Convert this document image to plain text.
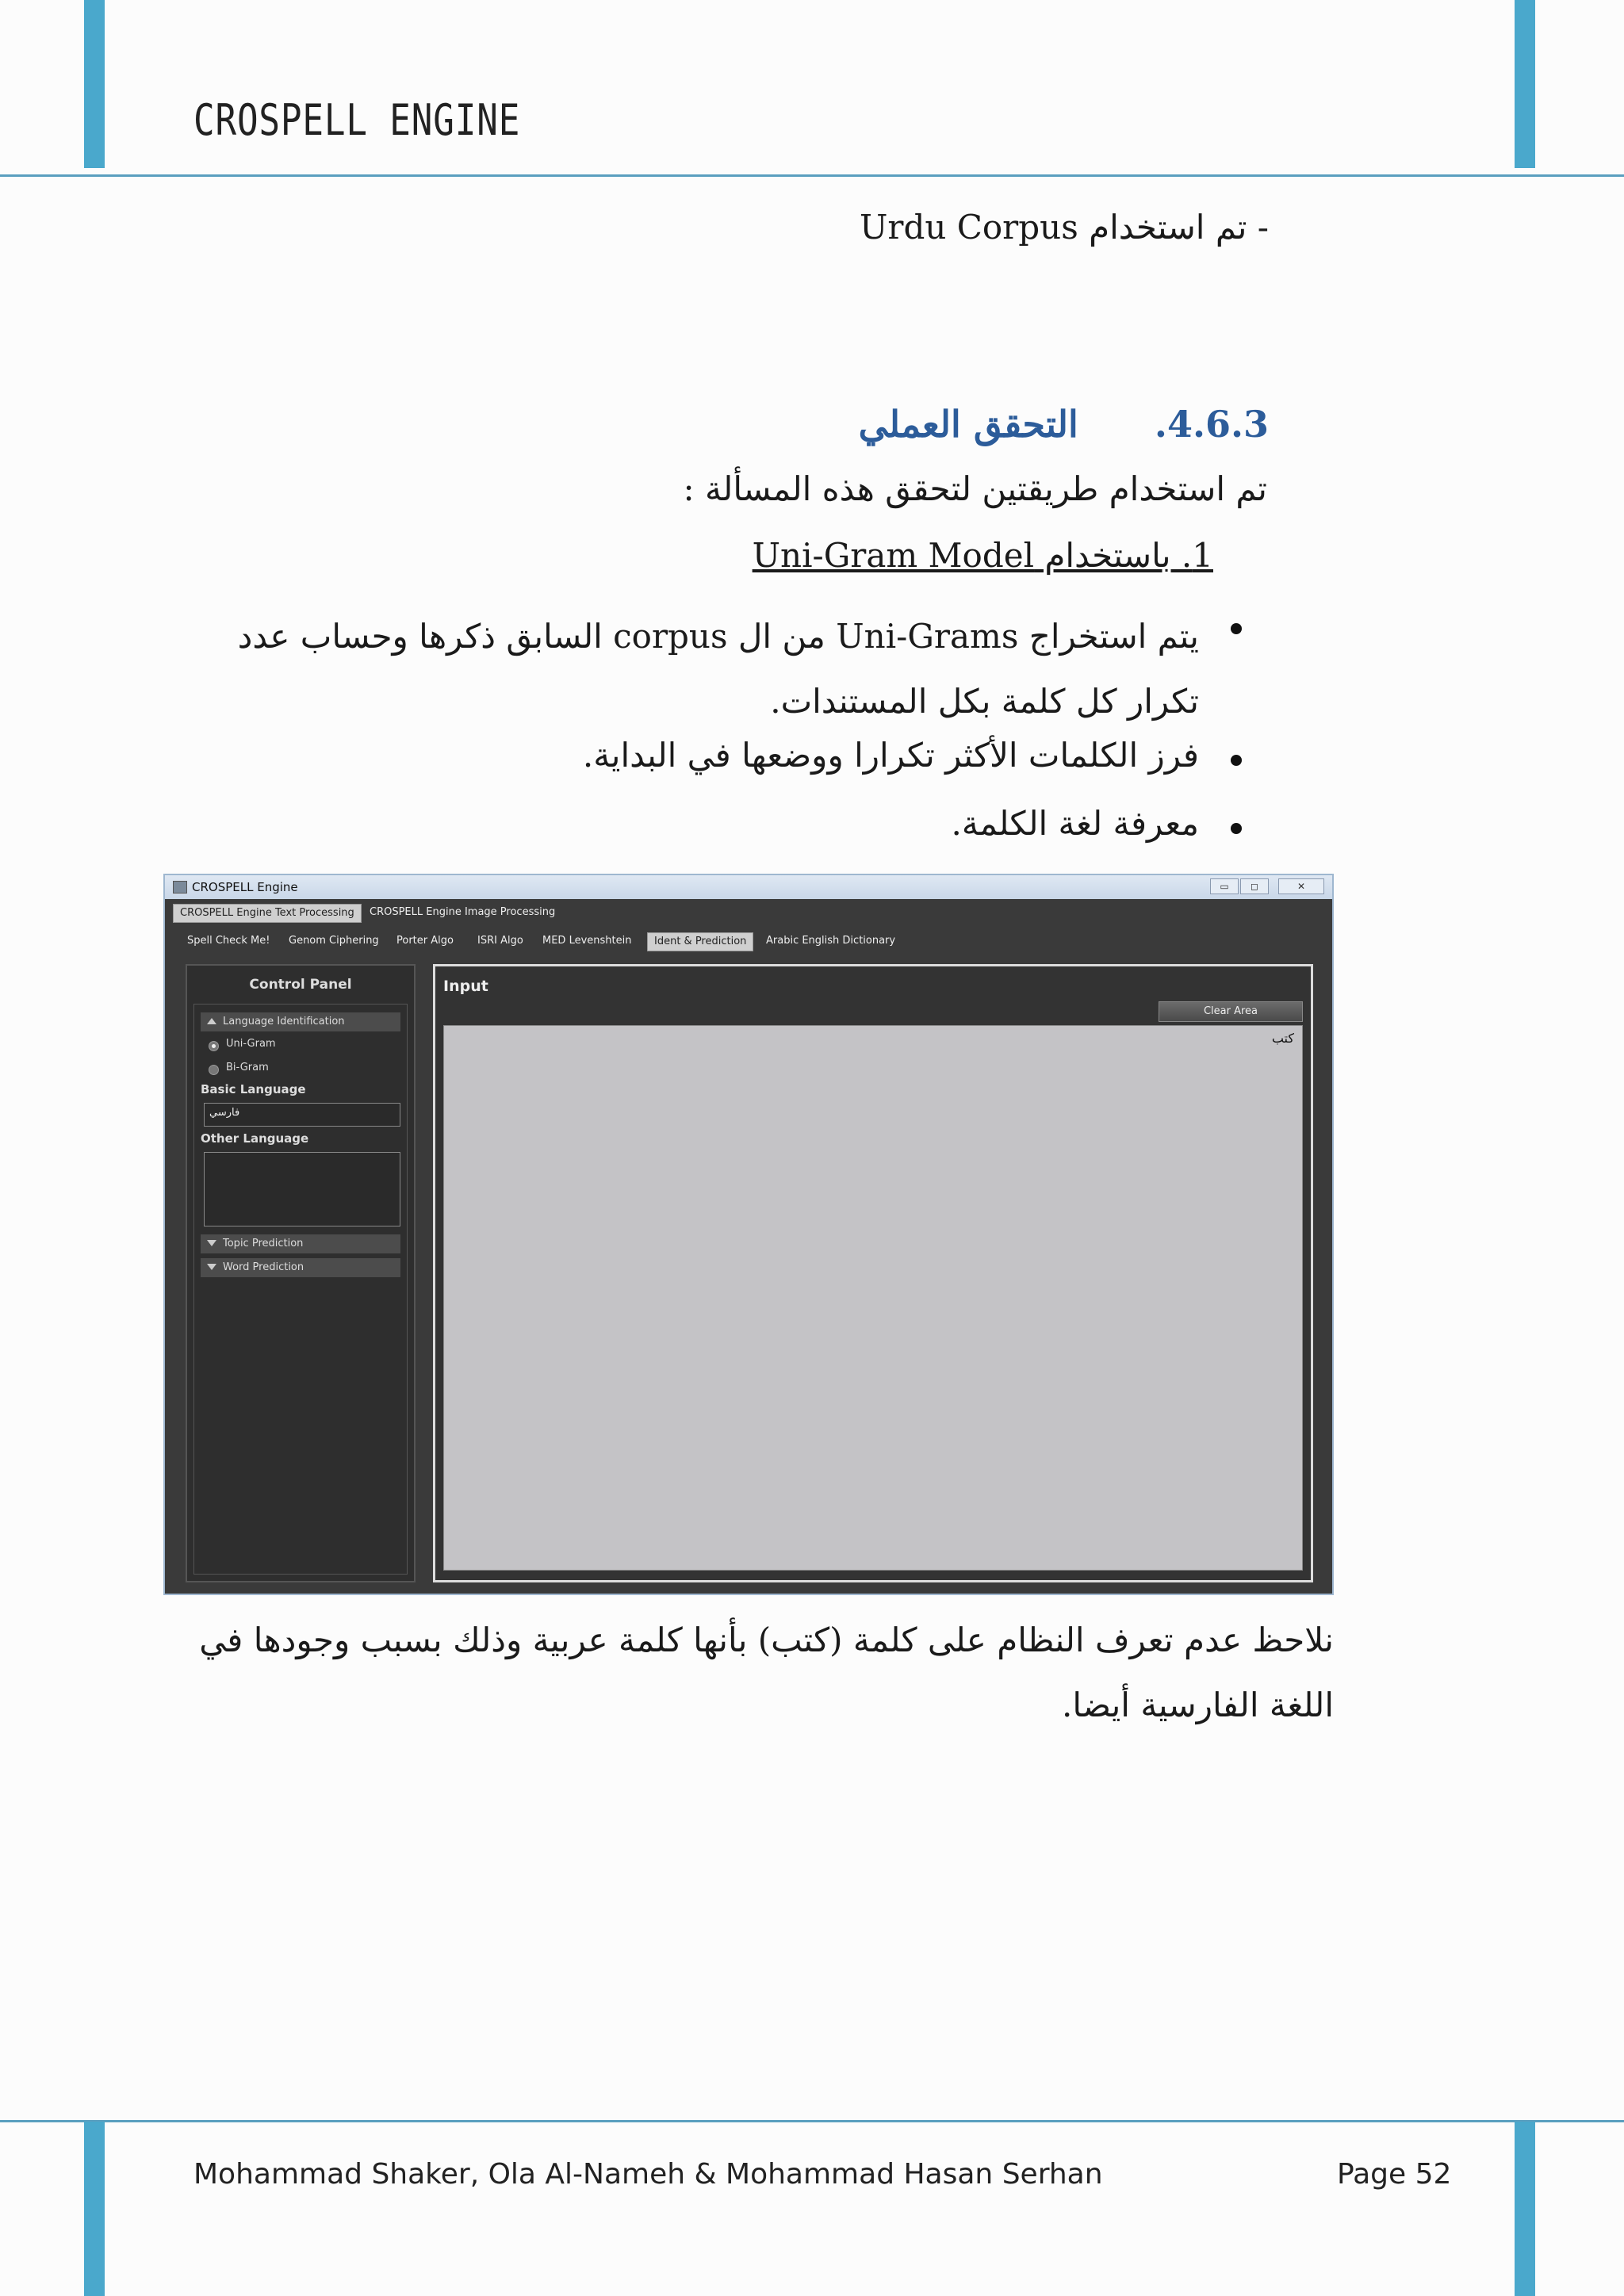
CROSPELL ENGINE
- تم استخدام Urdu Corpus
4.6.3.      التحقق العملي
تم استخدام طريقتين لتحقق هذه المسألة :
1. باستخدام Uni-Gram Model
يتم استخراج Uni-Grams من ال corpus السابق ذكرها وحساب عدد تكرار كل كلمة بكل المستندات.
فرز الكلمات الأكثر تكرارا ووضعها في البداية.
معرفة لغة الكلمة.
CROSPELL Engine	▭	◻	✕
CROSPELL Engine Text Processing	CROSPELL Engine Image Processing
Spell Check Me!	Genom Ciphering	Porter Algo	ISRI Algo	MED Levenshtein	Ident & Prediction	Arabic English Dictionary
Control Panel
Language Identification
Uni-Gram
Bi-Gram
Basic Language
فارسي
Other Language
Topic Prediction
Word Prediction
Input
Clear Area
كتب
نلاحظ عدم تعرف النظام على كلمة (كتب) بأنها كلمة عربية وذلك بسبب وجودها في اللغة الفارسية أيضا.
Mohammad Shaker, Ola Al-Nameh & Mohammad Hasan Serhan	Page 52
